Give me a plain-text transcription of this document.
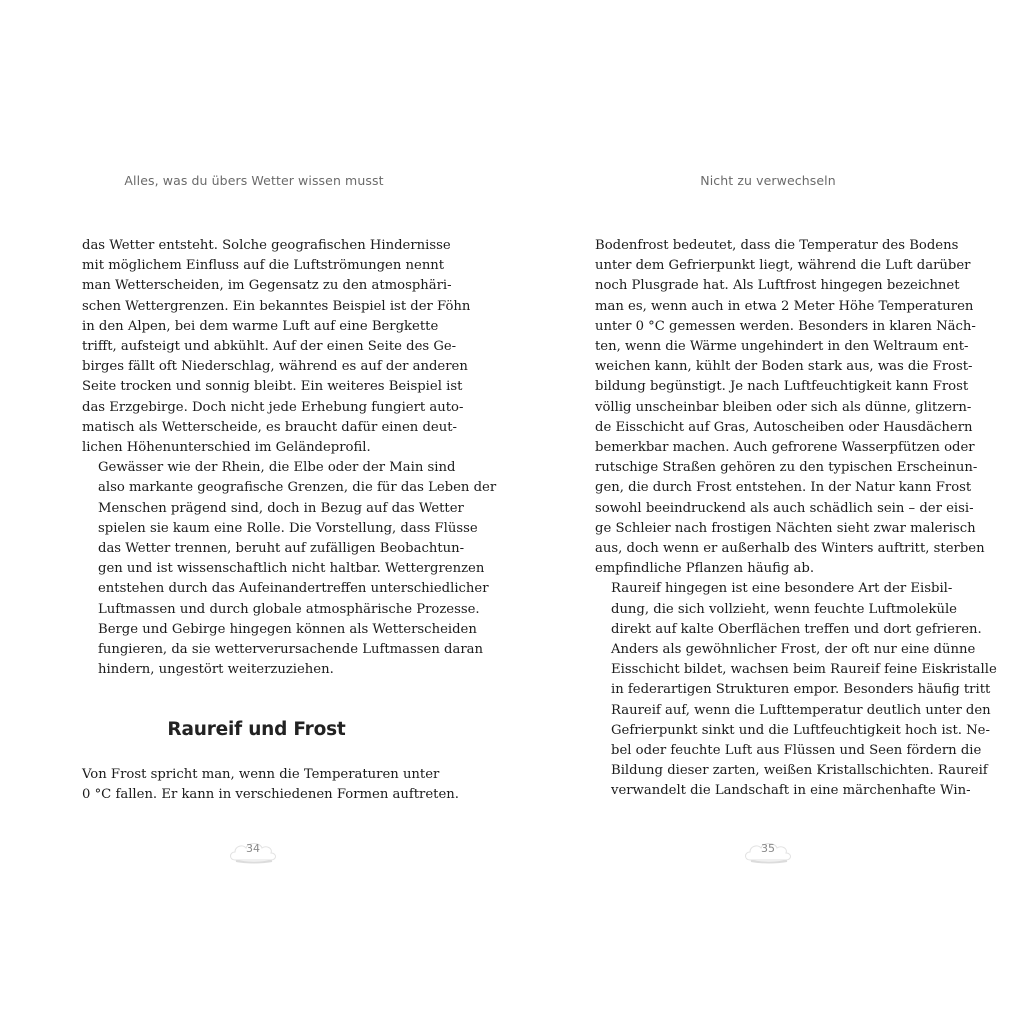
Alles, was du übers Wetter wissen musst

das Wetter entsteht. Solche geografischen Hindernisse
mit möglichem Einfluss auf die Luftströmungen nennt
man Wetterscheiden, im Gegensatz zu den atmosphäri-
schen Wettergrenzen. Ein bekanntes Beispiel ist der Föhn
in den Alpen, bei dem warme Luft auf eine Bergkette
trifft, aufsteigt und abkühlt. Auf der einen Seite des Ge-
birges fällt oft Niederschlag, während es auf der anderen
Seite trocken und sonnig bleibt. Ein weiteres Beispiel ist
das Erzgebirge. Doch nicht jede Erhebung fungiert auto-
matisch als Wetterscheide, es braucht dafür einen deut-
lichen Höhenunterschied im Geländeprofil.

Gewässer wie der Rhein, die Elbe oder der Main sind
also markante geografische Grenzen, die für das Leben der
Menschen prägend sind, doch in Bezug auf das Wetter
spielen sie kaum eine Rolle. Die Vorstellung, dass Flüsse
das Wetter trennen, beruht auf zufälligen Beobachtun-
gen und ist wissenschaftlich nicht haltbar. Wettergrenzen
entstehen durch das Aufeinandertreffen unterschiedlicher
Luftmassen und durch globale atmosphärische Prozesse.
Berge und Gebirge hingegen können als Wetterscheiden
fungieren, da sie wetterverursachende Luftmassen daran
hindern, ungestört weiterzuziehen.

Raureif und Frost

Von Frost spricht man, wenn die Temperaturen unter
0 °C fallen. Er kann in verschiedenen Formen auftreten.

34
Nicht zu verwechseln

Bodenfrost bedeutet, dass die Temperatur des Bodens
unter dem Gefrierpunkt liegt, während die Luft darüber
noch Plusgrade hat. Als Luftfrost hingegen bezeichnet
man es, wenn auch in etwa 2 Meter Höhe Temperaturen
unter 0 °C gemessen werden. Besonders in klaren Näch-
ten, wenn die Wärme ungehindert in den Weltraum ent-
weichen kann, kühlt der Boden stark aus, was die Frost-
bildung begünstigt. Je nach Luftfeuchtigkeit kann Frost
völlig unscheinbar bleiben oder sich als dünne, glitzern-
de Eisschicht auf Gras, Autoscheiben oder Hausdächern
bemerkbar machen. Auch gefrorene Wasserpfützen oder
rutschige Straßen gehören zu den typischen Erscheinun-
gen, die durch Frost entstehen. In der Natur kann Frost
sowohl beeindruckend als auch schädlich sein – der eisi-
ge Schleier nach frostigen Nächten sieht zwar malerisch
aus, doch wenn er außerhalb des Winters auftritt, sterben
empfindliche Pflanzen häufig ab.

Raureif hingegen ist eine besondere Art der Eisbil-
dung, die sich vollzieht, wenn feuchte Luftmoleküle
direkt auf kalte Oberflächen treffen und dort gefrieren.
Anders als gewöhnlicher Frost, der oft nur eine dünne
Eisschicht bildet, wachsen beim Raureif feine Eiskristalle
in federartigen Strukturen empor. Besonders häufig tritt
Raureif auf, wenn die Lufttemperatur deutlich unter den
Gefrierpunkt sinkt und die Luftfeuchtigkeit hoch ist. Ne-
bel oder feuchte Luft aus Flüssen und Seen fördern die
Bildung dieser zarten, weißen Kristallschichten. Raureif
verwandelt die Landschaft in eine märchenhafte Win-

35
